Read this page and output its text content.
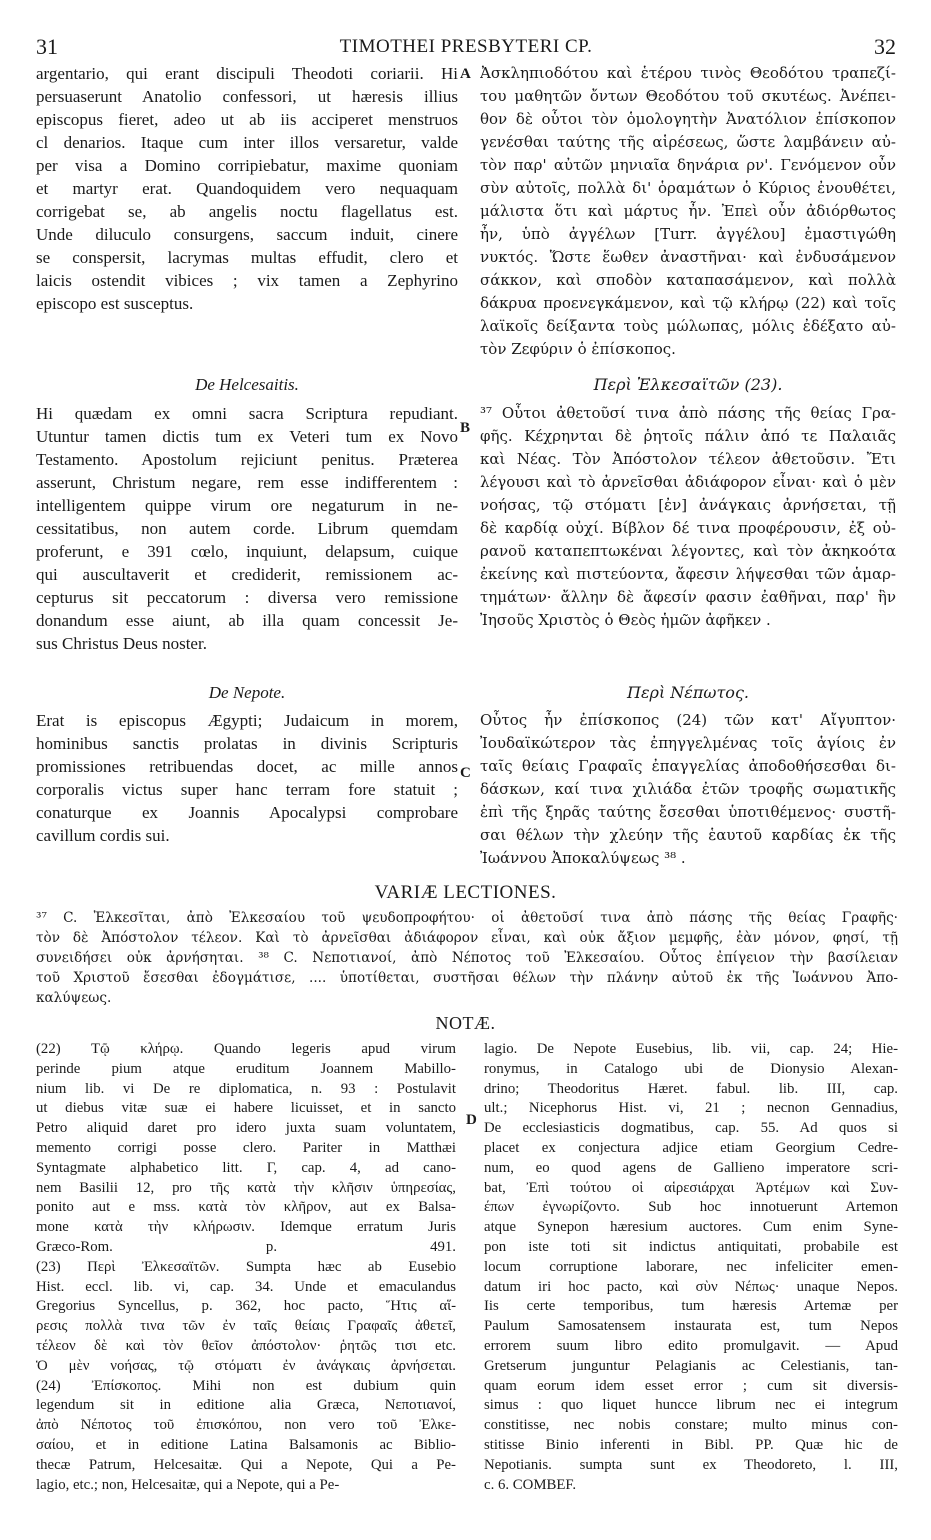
31	TIMOTHEI PRESBYTERI CP.	32
argentario, qui erant discipuli Theodoti coriarii. Hi
persuaserunt Anatolio confessori, ut hæresis illius
episcopus fieret, adeo ut ab iis acciperet menstruos
cl denarios. Itaque cum inter illos versaretur, valde
per visa a Domino corripiebatur, maxime quoniam
et martyr erat. Quandoquidem vero nequaquam
corrigebat se, ab angelis noctu flagellatus est.
Unde diluculo consurgens, saccum induit, cinere
se conspersit, lacrymas multas effudit, clero et
laicis ostendit vibices ; vix tamen a Zephyrino
episcopo est susceptus.
De Helcesaitis.
Hi quædam ex omni sacra Scriptura repudiant.
Utuntur tamen dictis tum ex Veteri tum ex Novo
Testamento. Apostolum rejiciunt penitus. Præterea
asserunt, Christum negare, rem esse indifferentem :
intelligentem quippe virum ore negaturum in ne-
cessitatibus, non autem corde. Librum quemdam
proferunt, e 391 cœlo, inquiunt, delapsum, cuique
qui auscultaverit et crediderit, remissionem ac-
cepturus sit peccatorum : diversa vero remissione
donandum esse aiunt, ab illa quam concessit Je-
sus Christus Deus noster.
De Nepote.
Erat is episcopus Ægypti; Judaicum in morem,
hominibus sanctis prolatas in divinis Scripturis
promissiones retribuendas docet, ac mille annos
corporalis victus super hanc terram fore statuit ;
conaturque ex Joannis Apocalypsi comprobare
cavillum cordis sui.
Ἀσκληπιοδότου καὶ ἑτέρου τινὸς Θεοδότου τραπεζί-
του μαθητῶν ὄντων Θεοδότου τοῦ σκυτέως. Ἀνέπει-
θον δὲ οὗτοι τὸν ὁμολογητὴν Ἀνατόλιον ἐπίσκοπον
γενέσθαι ταύτης τῆς αἱρέσεως, ὥστε λαμβάνειν αὐ-
τὸν παρ' αὐτῶν μηνιαῖα δηνάρια ρν'. Γενόμενον οὖν
σὺν αὐτοῖς, πολλὰ δι' ὁραμάτων ὁ Κύριος ἐνουθέτει,
μάλιστα ὅτι καὶ μάρτυς ἦν. Ἐπεὶ οὖν ἀδιόρθωτος
ἦν, ὑπὸ ἀγγέλων [Turr. ἀγγέλου] ἐμαστιγώθη
νυκτός. Ὥστε ἕωθεν ἀναστῆναι· καὶ ἐνδυσάμενον
σάκκον, καὶ σποδὸν καταπασάμενον, καὶ πολλὰ
δάκρυα προενεγκάμενον, καὶ τῷ κλήρῳ (22) καὶ τοῖς
λαϊκοῖς δείξαντα τοὺς μώλωπας, μόλις ἐδέξατο αὐ-
τὸν Ζεφύριν ὁ ἐπίσκοπος.
Περὶ Ἐλκεσαϊτῶν (23).
³⁷ Οὗτοι ἀθετοῦσί τινα ἀπὸ πάσης τῆς θείας Γρα-
φῆς. Κέχρηνται δὲ ῥητοῖς πάλιν ἀπό τε Παλαιᾶς
καὶ Νέας. Τὸν Ἀπόστολον τέλεον ἀθετοῦσιν. Ἔτι
λέγουσι καὶ τὸ ἀρνεῖσθαι ἀδιάφορον εἶναι· καὶ ὁ μὲν
νοήσας, τῷ στόματι [ἐν] ἀνάγκαις ἀρνήσεται, τῇ
δὲ καρδίᾳ οὐχί. Βίβλον δέ τινα προφέρουσιν, ἐξ οὐ-
ρανοῦ καταπεπτωκέναι λέγοντες, καὶ τὸν ἀκηκοότα
ἐκείνης καὶ πιστεύοντα, ἄφεσιν λήψεσθαι τῶν ἁμαρ-
τημάτων· ἄλλην δὲ ἄφεσίν φασιν ἐαθῆναι, παρ' ἣν
Ἰησοῦς Χριστὸς ὁ Θεὸς ἡμῶν ἀφῆκεν .
Περὶ Νέπωτος.
Οὗτος ἦν ἐπίσκοπος (24) τῶν κατ' Αἴγυπτον·
Ἰουδαϊκώτερον τὰς ἐπηγγελμένας τοῖς ἁγίοις ἐν
ταῖς θείαις Γραφαῖς ἐπαγγελίας ἀποδοθήσεσθαι δι-
δάσκων, καί τινα χιλιάδα ἐτῶν τροφῆς σωματικῆς
ἐπὶ τῆς ξηρᾶς ταύτης ἔσεσθαι ὑποτιθέμενος· συστῆ-
σαι θέλων τὴν χλεύην τῆς ἑαυτοῦ καρδίας ἐκ τῆς
Ἰωάννου Ἀποκαλύψεως ³⁸ .
A
B
C
D
VARIÆ LECTIONES.
³⁷ C. Ἐλκεσῖται, ἀπὸ Ἐλκεσαίου τοῦ ψευδοπροφήτου· οἱ ἀθετοῦσί τινα ἀπὸ πάσης τῆς θείας Γραφῆς·
τὸν δὲ Ἀπόστολον τέλεον. Καὶ τὸ ἀρνεῖσθαι ἀδιάφορον εἶναι, καὶ οὐκ ἄξιον μεμφῆς, ἐὰν μόνον, φησί, τῇ
συνειδήσει οὐκ ἀρνήσηται. ³⁸ C. Νεποτιανοί, ἀπὸ Νέποτος τοῦ Ἐλκεσαίου. Οὗτος ἐπίγειον τὴν βασίλειαν
τοῦ Χριστοῦ ἔσεσθαι ἐδογμάτισε, .... ὑποτίθεται, συστῆσαι θέλων τὴν πλάνην αὐτοῦ ἐκ τῆς Ἰωάννου Ἀπο-
καλύψεως.
NOTÆ.
(22) Τῷ κλήρῳ. Quando legeris apud virum
perinde pium atque eruditum Joannem Mabillo-
nium lib. vi De re diplomatica, n. 93 : Postulavit
ut diebus vitæ suæ ei habere licuisset, et in sancto
Petro aliquid daret pro idero juxta suam voluntatem,
memento corrigi posse clero. Pariter in Matthæi
Syntagmate alphabetico litt. Γ, cap. 4, ad cano-
nem Basilii 12, pro τῆς κατὰ τὴν κλῆσιν ὑπηρεσίας,
ponito aut e mss. κατὰ τὸν κλῆρον, aut ex Balsa-
mone κατὰ τὴν κλήρωσιν. Idemque erratum Juris
Græco-Rom. p. 491.
(23) Περὶ Ἐλκεσαϊτῶν. Sumpta hæc ab Eusebio
Hist. eccl. lib. vi, cap. 34. Unde et emaculandus
Gregorius Syncellus, p. 362, hoc pacto, Ἥτις αἵ-
ρεσις πολλὰ τινα τῶν ἐν ταῖς θείαις Γραφαῖς ἀθετεῖ,
τέλεον δὲ καὶ τὸν θεῖον ἀπόστολον· ῥητῶς τισι etc.
Ὁ μὲν νοήσας, τῷ στόματι ἐν ἀνάγκαις ἀρνήσεται.
(24) Ἐπίσκοπος. Mihi non est dubium quin
legendum sit in editione alia Græca, Νεποτιανοί,
ἀπὸ Νέποτος τοῦ ἐπισκόπου, non vero τοῦ Ἐλκε-
σαίου, et in editione Latina Balsamonis ac Biblio-
thecæ Patrum, Helcesaitæ. Qui a Nepote, Qui a Pe-
lagio, etc.; non, Helcesaitæ, qui a Nepote, qui a Pe-
lagio. De Nepote Eusebius, lib. vii, cap. 24; Hie-
ronymus, in Catalogo ubi de Dionysio Alexan-
drino; Theodoritus Hæret. fabul. lib. III, cap.
ult.; Nicephorus Hist. vi, 21 ; necnon Gennadius,
De ecclesiasticis dogmatibus, cap. 55. Ad quos si
placet ex conjectura adjice etiam Georgium Cedre-
num, eo quod agens de Gallieno imperatore scri-
bat, Ἐπὶ τούτου οἱ αἱρεσιάρχαι Ἀρτέμων καὶ Συν-
έπων ἐγνωρίζοντο. Sub hoc innotuerunt Artemon
atque Synepon hæresium auctores. Cum enim Syne-
pon iste toti sit indictus antiquitati, probabile est
locum corruptione laborare, nec infeliciter emen-
datum iri hoc pacto, καὶ σὺν Νέπως· unaque Nepos.
Iis certe temporibus, tum hæresis Artemæ per
Paulum Samosatensem instaurata est, tum Nepos
errorem suum libro edito promulgavit. — Apud
Gretserum junguntur Pelagianis ac Celestianis, tan-
quam eorum idem esset error ; cum sit diversis-
simus : quo liquet huncce librum nec ei integrum
constitisse, nec nobis constare; multo minus con-
stitisse Binio inferenti in Bibl. PP. Quæ hic de
Nepotianis. sumpta sunt ex Theodoreto, l. III,
c. 6. COMBEF.
